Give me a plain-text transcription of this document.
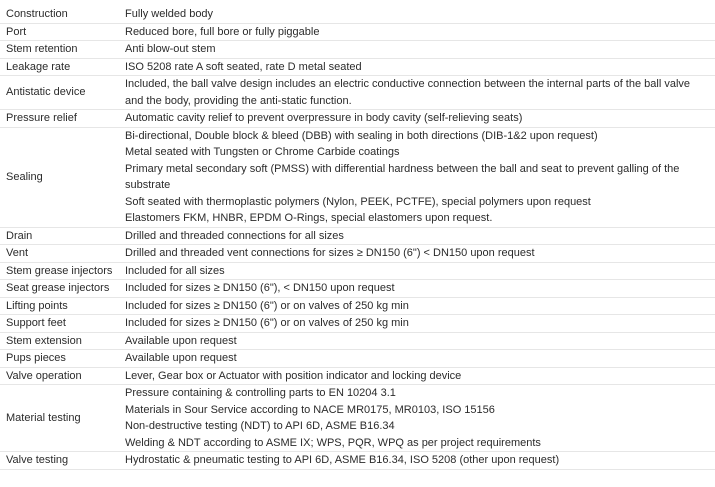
Construction	Fully welded body

Port	Reduced bore, full bore or fully piggable

Stem retention	Anti blow-out stem

Leakage rate	ISO 5208 rate A soft seated, rate D metal seated

Antistatic device	Included, the ball valve design includes an electric conductive connection between the internal parts of the ball valve and the body, providing the anti-static function.

Pressure relief	Automatic cavity relief to prevent overpressure in body cavity (self-relieving seats)

Sealing	Bi-directional, Double block & bleed (DBB) with sealing in both directions (DIB-1&2 upon request)
Metal seated with Tungsten or Chrome Carbide coatings
Primary metal secondary soft (PMSS) with differential hardness between the ball and seat to prevent galling of the substrate
Soft seated with thermoplastic polymers (Nylon, PEEK, PCTFE), special polymers upon request
Elastomers FKM, HNBR, EPDM O-Rings, special elastomers upon request.

Drain	Drilled and threaded connections for all sizes

Vent	Drilled and threaded vent connections for sizes ≥ DN150 (6") < DN150 upon request

Stem grease injectors	Included for all sizes

Seat grease injectors	Included for sizes ≥ DN150 (6"), < DN150 upon request

Lifting points	Included for sizes ≥ DN150 (6") or on valves of 250 kg min

Support feet	Included for sizes ≥ DN150 (6") or on valves of 250 kg min

Stem extension	Available upon request

Pups pieces	Available upon request

Valve operation	Lever, Gear box or Actuator with position indicator and locking device

Material testing	Pressure containing & controlling parts to EN 10204 3.1
Materials in Sour Service according to NACE MR0175, MR0103, ISO 15156
Non-destructive testing (NDT) to API 6D, ASME B16.34
Welding & NDT according to ASME IX; WPS, PQR, WPQ as per project requirements

Valve testing	Hydrostatic & pneumatic testing to API 6D, ASME B16.34, ISO 5208 (other upon request)
